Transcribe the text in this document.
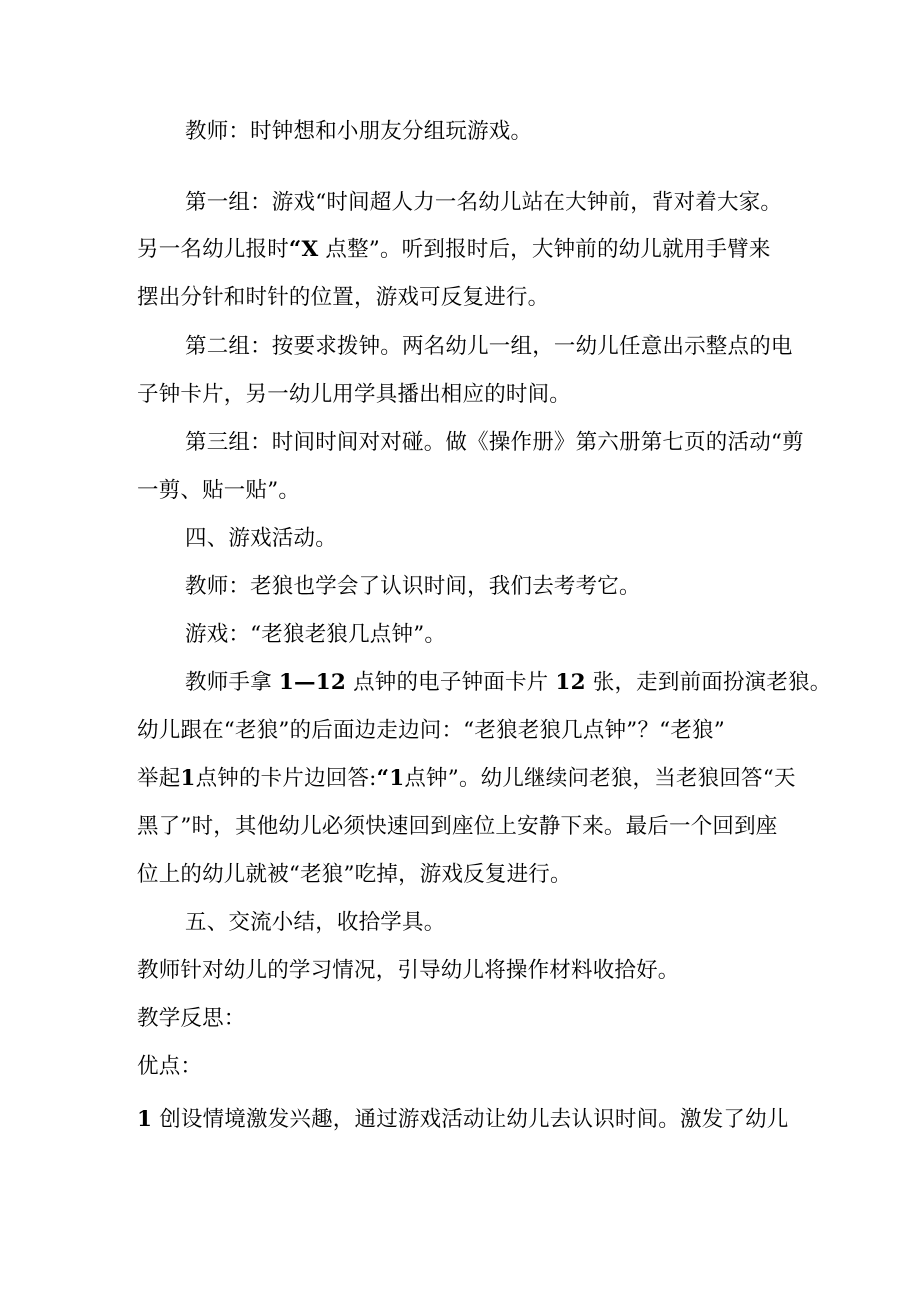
教师：时钟想和小朋友分组玩游戏。
第一组：游戏“时间超人力一名幼儿站在大钟前，背对着大家。
另一名幼儿报时“X 点整”。听到报时后，大钟前的幼儿就用手臂来
摆出分针和时针的位置，游戏可反复进行。
第二组：按要求拨钟。两名幼儿一组，一幼儿任意出示整点的电
子钟卡片，另一幼儿用学具播出相应的时间。
第三组：时间时间对对碰。做《操作册》第六册第七页的活动“剪
一剪、贴一贴”。
四、游戏活动。
教师：老狼也学会了认识时间，我们去考考它。
游戏：“老狼老狼几点钟”。
教师手拿 1—12 点钟的电子钟面卡片 12 张，走到前面扮演老狼。
幼儿跟在“老狼”的后面边走边问：“老狼老狼几点钟”？“老狼”
举起1点钟的卡片边回答:“1点钟”。幼儿继续问老狼，当老狼回答“天
黑了”时，其他幼儿必须快速回到座位上安静下来。最后一个回到座
位上的幼儿就被“老狼”吃掉，游戏反复进行。
五、交流小结，收拾学具。
教师针对幼儿的学习情况，引导幼儿将操作材料收拾好。
教学反思：
优点：
1 创设情境激发兴趣，通过游戏活动让幼儿去认识时间。激发了幼儿
